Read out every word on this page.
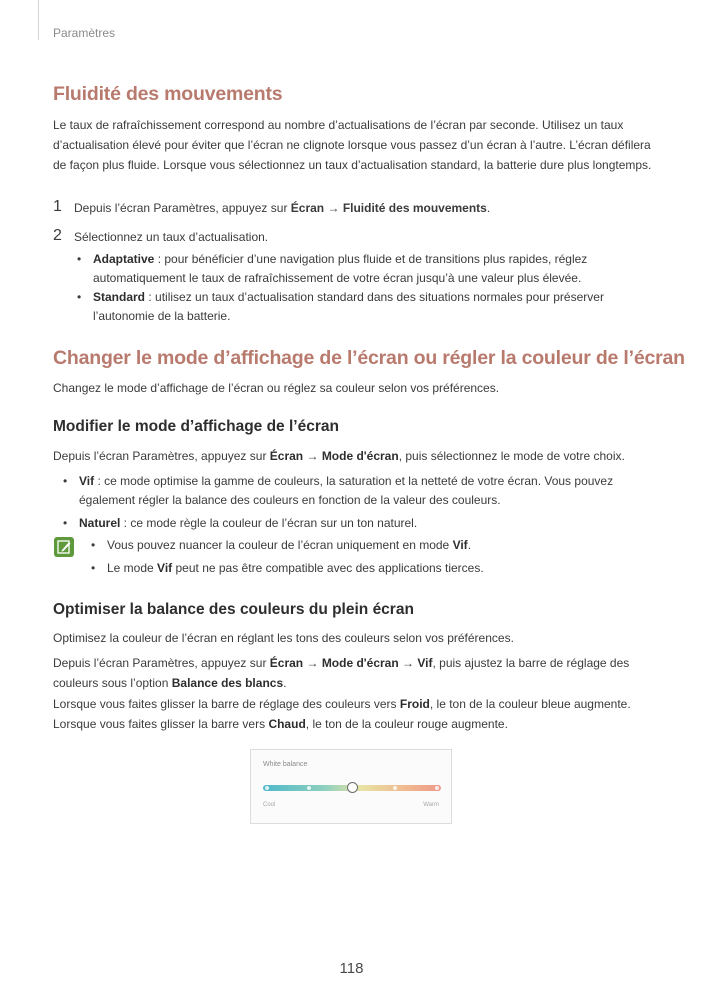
Paramètres
Fluidité des mouvements
Le taux de rafraîchissement correspond au nombre d’actualisations de l’écran par seconde. Utilisez un taux d’actualisation élevé pour éviter que l’écran ne clignote lorsque vous passez d’un écran à l’autre. L’écran défilera de façon plus fluide. Lorsque vous sélectionnez un taux d’actualisation standard, la batterie dure plus longtemps.
1 Depuis l’écran Paramètres, appuyez sur Écran → Fluidité des mouvements.
2 Sélectionnez un taux d’actualisation.
• Adaptative : pour bénéficier d’une navigation plus fluide et de transitions plus rapides, réglez automatiquement le taux de rafraîchissement de votre écran jusqu’à une valeur plus élevée.
• Standard : utilisez un taux d’actualisation standard dans des situations normales pour préserver l’autonomie de la batterie.
Changer le mode d’affichage de l’écran ou régler la couleur de l’écran
Changez le mode d’affichage de l’écran ou réglez sa couleur selon vos préférences.
Modifier le mode d’affichage de l’écran
Depuis l’écran Paramètres, appuyez sur Écran → Mode d'écran, puis sélectionnez le mode de votre choix.
• Vif : ce mode optimise la gamme de couleurs, la saturation et la netteté de votre écran. Vous pouvez également régler la balance des couleurs en fonction de la valeur des couleurs.
• Naturel : ce mode règle la couleur de l’écran sur un ton naturel.
• Vous pouvez nuancer la couleur de l’écran uniquement en mode Vif.
• Le mode Vif peut ne pas être compatible avec des applications tierces.
Optimiser la balance des couleurs du plein écran
Optimisez la couleur de l’écran en réglant les tons des couleurs selon vos préférences.
Depuis l’écran Paramètres, appuyez sur Écran → Mode d'écran → Vif, puis ajustez la barre de réglage des couleurs sous l’option Balance des blancs.
Lorsque vous faites glisser la barre de réglage des couleurs vers Froid, le ton de la couleur bleue augmente. Lorsque vous faites glisser la barre vers Chaud, le ton de la couleur rouge augmente.
White balance
Cool	Warm
118
